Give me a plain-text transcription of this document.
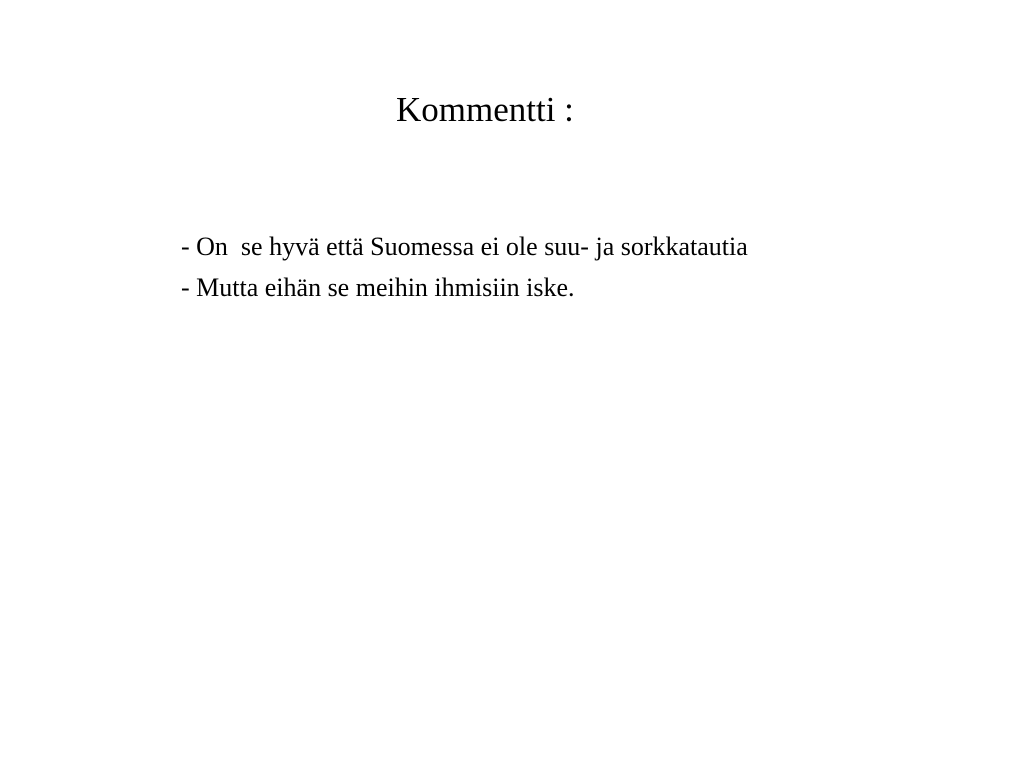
Kommentti :
- On  se hyvä että Suomessa ei ole suu- ja sorkkatautia
- Mutta eihän se meihin ihmisiin iske.
